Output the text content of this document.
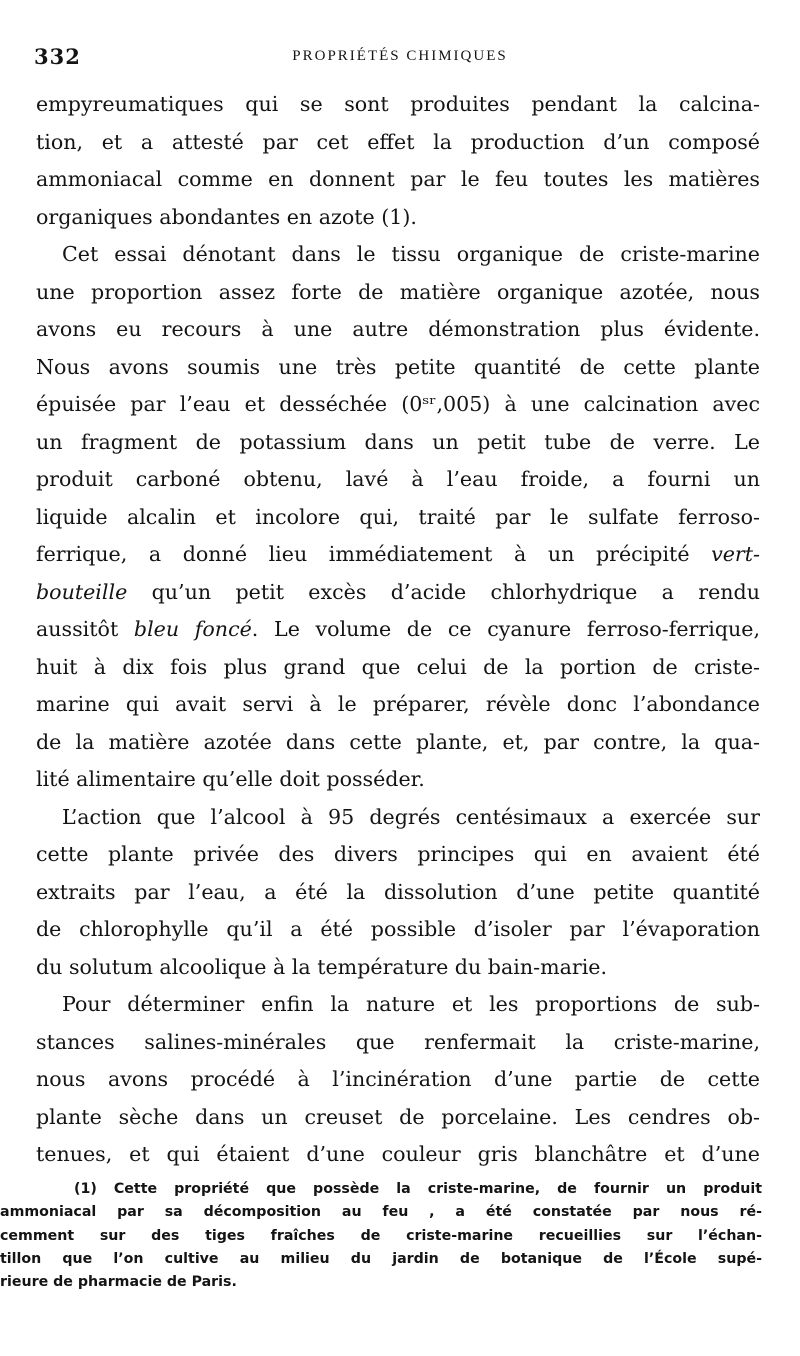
332	PROPRIÉTÉS CHIMIQUES
empyreumatiques qui se sont produites pendant la calcina-
tion, et a attesté par cet effet la production d’un composé
ammoniacal comme en donnent par le feu toutes les matières
organiques abondantes en azote (1).
Cet essai dénotant dans le tissu organique de criste-marine
une proportion assez forte de matière organique azotée, nous
avons eu recours à une autre démonstration plus évidente.
Nous avons soumis une très petite quantité de cette plante
épuisée par l’eau et desséchée (0ˢʳ,005) à une calcination avec
un fragment de potassium dans un petit tube de verre. Le
produit carboné obtenu, lavé à l’eau froide, a fourni un
liquide alcalin et incolore qui, traité par le sulfate ferroso-
ferrique, a donné lieu immédiatement à un précipité vert-
bouteille qu’un petit excès d’acide chlorhydrique a rendu
aussitôt bleu foncé. Le volume de ce cyanure ferroso-ferrique,
huit à dix fois plus grand que celui de la portion de criste-
marine qui avait servi à le préparer, révèle donc l’abondance
de la matière azotée dans cette plante, et, par contre, la qua-
lité alimentaire qu’elle doit posséder.
L’action que l’alcool à 95 degrés centésimaux a exercée sur
cette plante privée des divers principes qui en avaient été
extraits par l’eau, a été la dissolution d’une petite quantité
de chlorophylle qu’il a été possible d’isoler par l’évaporation
du solutum alcoolique à la température du bain-marie.
Pour déterminer enfin la nature et les proportions de sub-
stances salines-minérales que renfermait la criste-marine,
nous avons procédé à l’incinération d’une partie de cette
plante sèche dans un creuset de porcelaine. Les cendres ob-
tenues, et qui étaient d’une couleur gris blanchâtre et d’une
(1) Cette propriété que possède la criste-marine, de fournir un produit
ammoniacal par sa décomposition au feu , a été constatée par nous ré-
cemment sur des tiges fraîches de criste-marine recueillies sur l’échan-
tillon que l’on cultive au milieu du jardin de botanique de l’École supé-
rieure de pharmacie de Paris.
